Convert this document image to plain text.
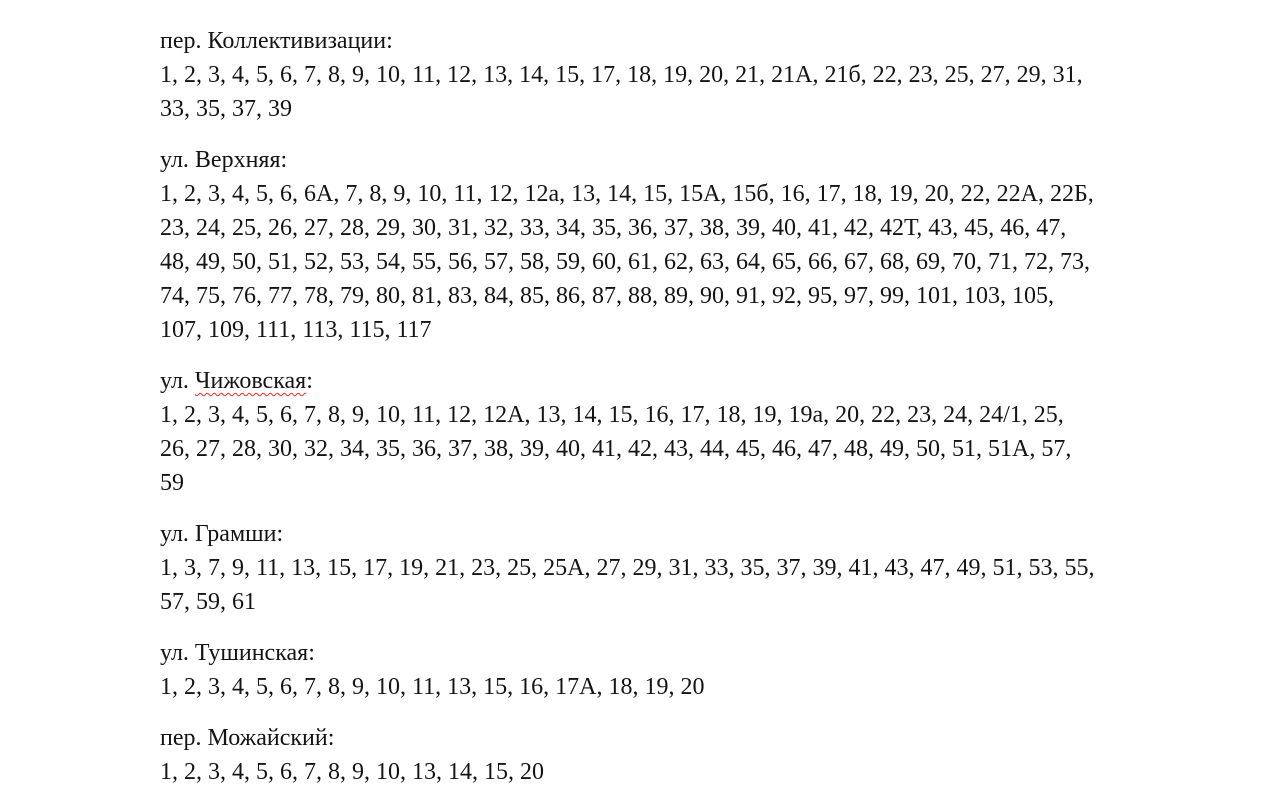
пер. Коллективизации:
1, 2, 3, 4, 5, 6, 7, 8, 9, 10, 11, 12, 13, 14, 15, 17, 18, 19, 20, 21, 21А, 21б, 22, 23, 25, 27, 29, 31,
33, 35, 37, 39
ул. Верхняя:
1, 2, 3, 4, 5, 6, 6А, 7, 8, 9, 10, 11, 12, 12а, 13, 14, 15, 15А, 15б, 16, 17, 18, 19, 20, 22, 22А, 22Б,
23, 24, 25, 26, 27, 28, 29, 30, 31, 32, 33, 34, 35, 36, 37, 38, 39, 40, 41, 42, 42Т, 43, 45, 46, 47,
48, 49, 50, 51, 52, 53, 54, 55, 56, 57, 58, 59, 60, 61, 62, 63, 64, 65, 66, 67, 68, 69, 70, 71, 72, 73,
74, 75, 76, 77, 78, 79, 80, 81, 83, 84, 85, 86, 87, 88, 89, 90, 91, 92, 95, 97, 99, 101, 103, 105,
107, 109, 111, 113, 115, 117
ул. Чижовская:
1, 2, 3, 4, 5, 6, 7, 8, 9, 10, 11, 12, 12А, 13, 14, 15, 16, 17, 18, 19, 19а, 20, 22, 23, 24, 24/1, 25,
26, 27, 28, 30, 32, 34, 35, 36, 37, 38, 39, 40, 41, 42, 43, 44, 45, 46, 47, 48, 49, 50, 51, 51А, 57,
59
ул. Грамши:
1, 3, 7, 9, 11, 13, 15, 17, 19, 21, 23, 25, 25А, 27, 29, 31, 33, 35, 37, 39, 41, 43, 47, 49, 51, 53, 55,
57, 59, 61
ул. Тушинская:
1, 2, 3, 4, 5, 6, 7, 8, 9, 10, 11, 13, 15, 16, 17А, 18, 19, 20
пер. Можайский:
1, 2, 3, 4, 5, 6, 7, 8, 9, 10, 13, 14, 15, 20
